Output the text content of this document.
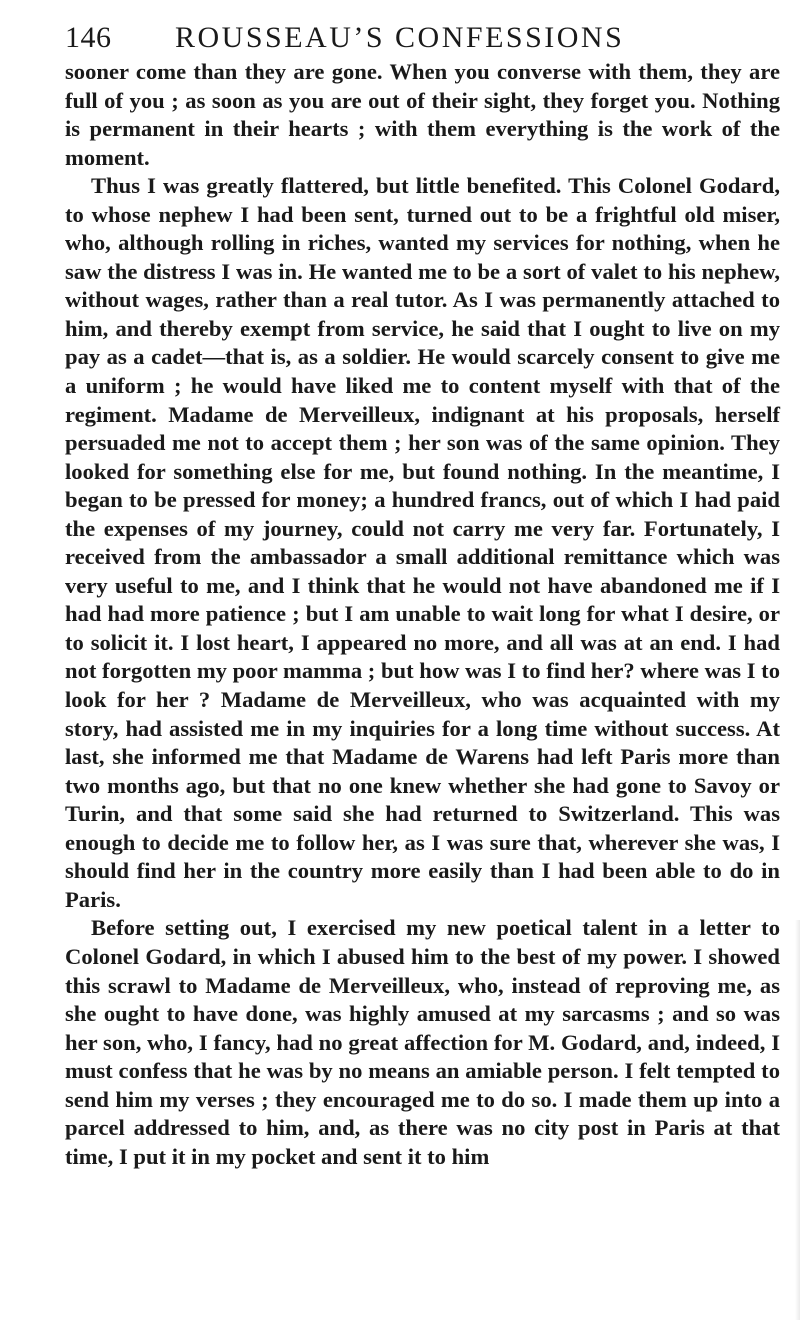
146 ROUSSEAU’S CONFESSIONS

sooner come than they are gone. When you converse with them, they are full of you ; as soon as you are out of their sight, they forget you. Nothing is permanent in their hearts ; with them everything is the work of the moment.

Thus I was greatly flattered, but little benefited. This Colonel Godard, to whose nephew I had been sent, turned out to be a frightful old miser, who, although rolling in riches, wanted my services for nothing, when he saw the distress I was in. He wanted me to be a sort of valet to his nephew, without wages, rather than a real tutor. As I was permanently attached to him, and thereby exempt from service, he said that I ought to live on my pay as a cadet—that is, as a soldier. He would scarcely consent to give me a uniform ; he would have liked me to content myself with that of the regiment. Madame de Merveilleux, indignant at his proposals, herself persuaded me not to accept them ; her son was of the same opinion. They looked for something else for me, but found nothing. In the meantime, I began to be pressed for money; a hundred francs, out of which I had paid the expenses of my journey, could not carry me very far. Fortunately, I received from the ambassador a small additional remittance which was very useful to me, and I think that he would not have abandoned me if I had had more patience ; but I am unable to wait long for what I desire, or to solicit it. I lost heart, I appeared no more, and all was at an end. I had not forgotten my poor mamma ; but how was I to find her? where was I to look for her ? Madame de Merveilleux, who was acquainted with my story, had assisted me in my inquiries for a long time without success. At last, she informed me that Madame de Warens had left Paris more than two months ago, but that no one knew whether she had gone to Savoy or Turin, and that some said she had returned to Switzerland. This was enough to decide me to follow her, as I was sure that, wherever she was, I should find her in the country more easily than I had been able to do in Paris.

Before setting out, I exercised my new poetical talent in a letter to Colonel Godard, in which I abused him to the best of my power. I showed this scrawl to Madame de Merveilleux, who, instead of reproving me, as she ought to have done, was highly amused at my sarcasms ; and so was her son, who, I fancy, had no great affection for M. Godard, and, indeed, I must confess that he was by no means an amiable person. I felt tempted to send him my verses ; they encouraged me to do so. I made them up into a parcel addressed to him, and, as there was no city post in Paris at that time, I put it in my pocket and sent it to him
